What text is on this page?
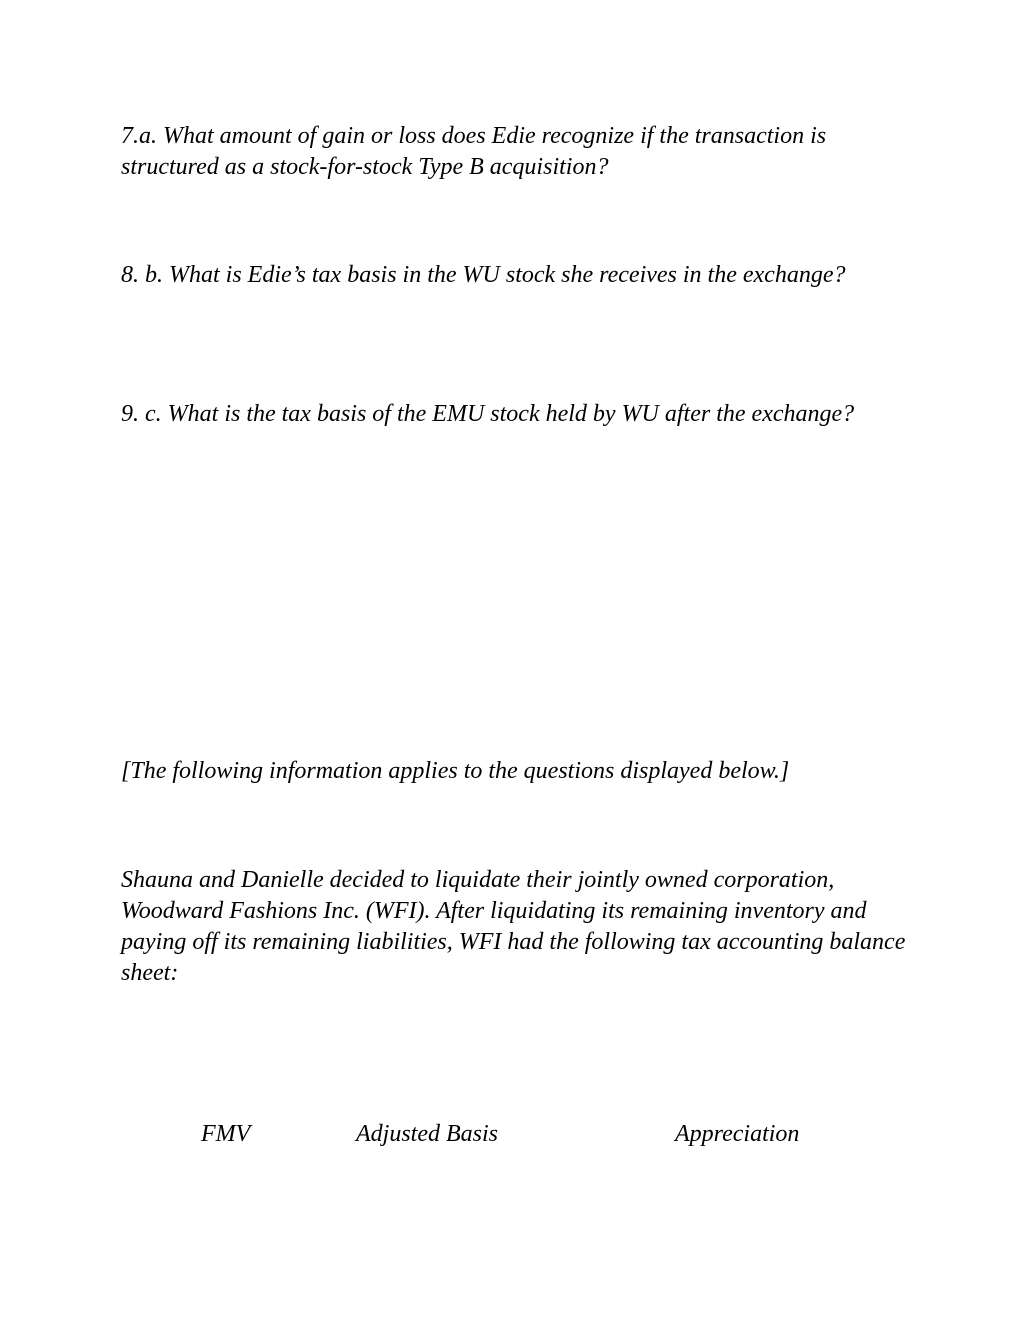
7.a. What amount of gain or loss does Edie recognize if the transaction is structured as a stock-for-stock Type B acquisition?

8. b. What is Edie’s tax basis in the WU stock she receives in the exchange?

9. c. What is the tax basis of the EMU stock held by WU after the exchange?

[The following information applies to the questions displayed below.]

Shauna and Danielle decided to liquidate their jointly owned corporation, Woodward Fashions Inc. (WFI). After liquidating its remaining inventory and paying off its remaining liabilities, WFI had the following tax accounting balance sheet:

FMV	Adjusted Basis	Appreciation
